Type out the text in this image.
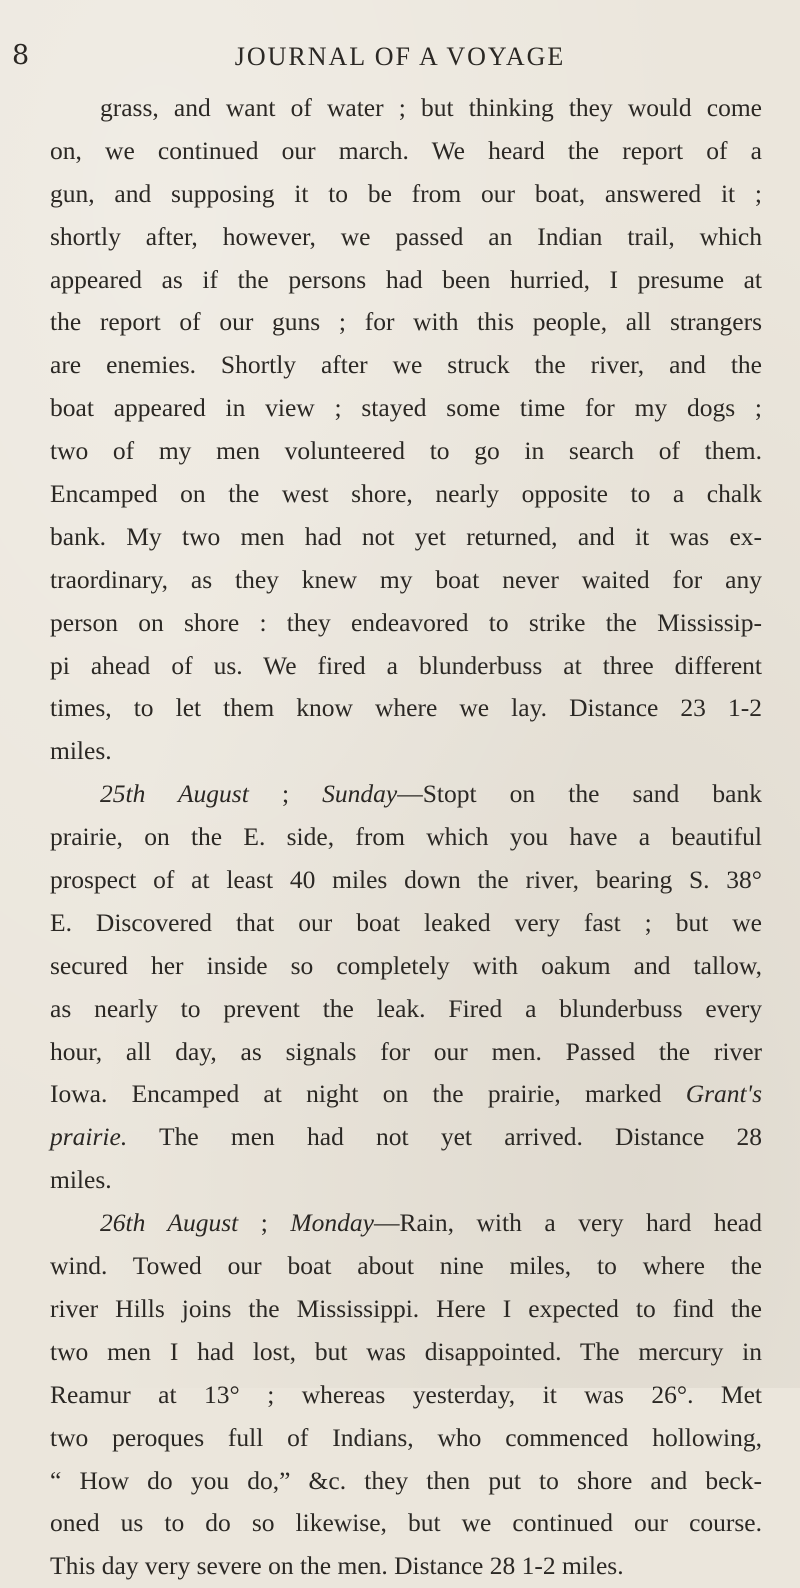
8	JOURNAL OF A VOYAGE
grass, and want of water ; but thinking they would come
on, we continued our march. We heard the report of a
gun, and supposing it to be from our boat, answered it ;
shortly after, however, we passed an Indian trail, which
appeared as if the persons had been hurried, I presume at
the report of our guns ; for with this people, all strangers
are enemies. Shortly after we struck the river, and the
boat appeared in view ; stayed some time for my dogs ;
two of my men volunteered to go in search of them.
Encamped on the west shore, nearly opposite to a chalk
bank. My two men had not yet returned, and it was ex-
traordinary, as they knew my boat never waited for any
person on shore : they endeavored to strike the Mississip-
pi ahead of us. We fired a blunderbuss at three different
times, to let them know where we lay. Distance 23 1-2
miles.
25th August ; Sunday—Stopt on the sand bank
prairie, on the E. side, from which you have a beautiful
prospect of at least 40 miles down the river, bearing S. 38°
E. Discovered that our boat leaked very fast ; but we
secured her inside so completely with oakum and tallow,
as nearly to prevent the leak. Fired a blunderbuss every
hour, all day, as signals for our men. Passed the river
Iowa. Encamped at night on the prairie, marked Grant's
prairie. The men had not yet arrived. Distance 28
miles.
26th August ; Monday—Rain, with a very hard head
wind. Towed our boat about nine miles, to where the
river Hills joins the Mississippi. Here I expected to find the
two men I had lost, but was disappointed. The mercury in
Reamur at 13° ; whereas yesterday, it was 26°. Met
two peroques full of Indians, who commenced hollowing,
“ How do you do,” &c. they then put to shore and beck-
oned us to do so likewise, but we continued our course.
This day very severe on the men. Distance 28 1-2 miles.
